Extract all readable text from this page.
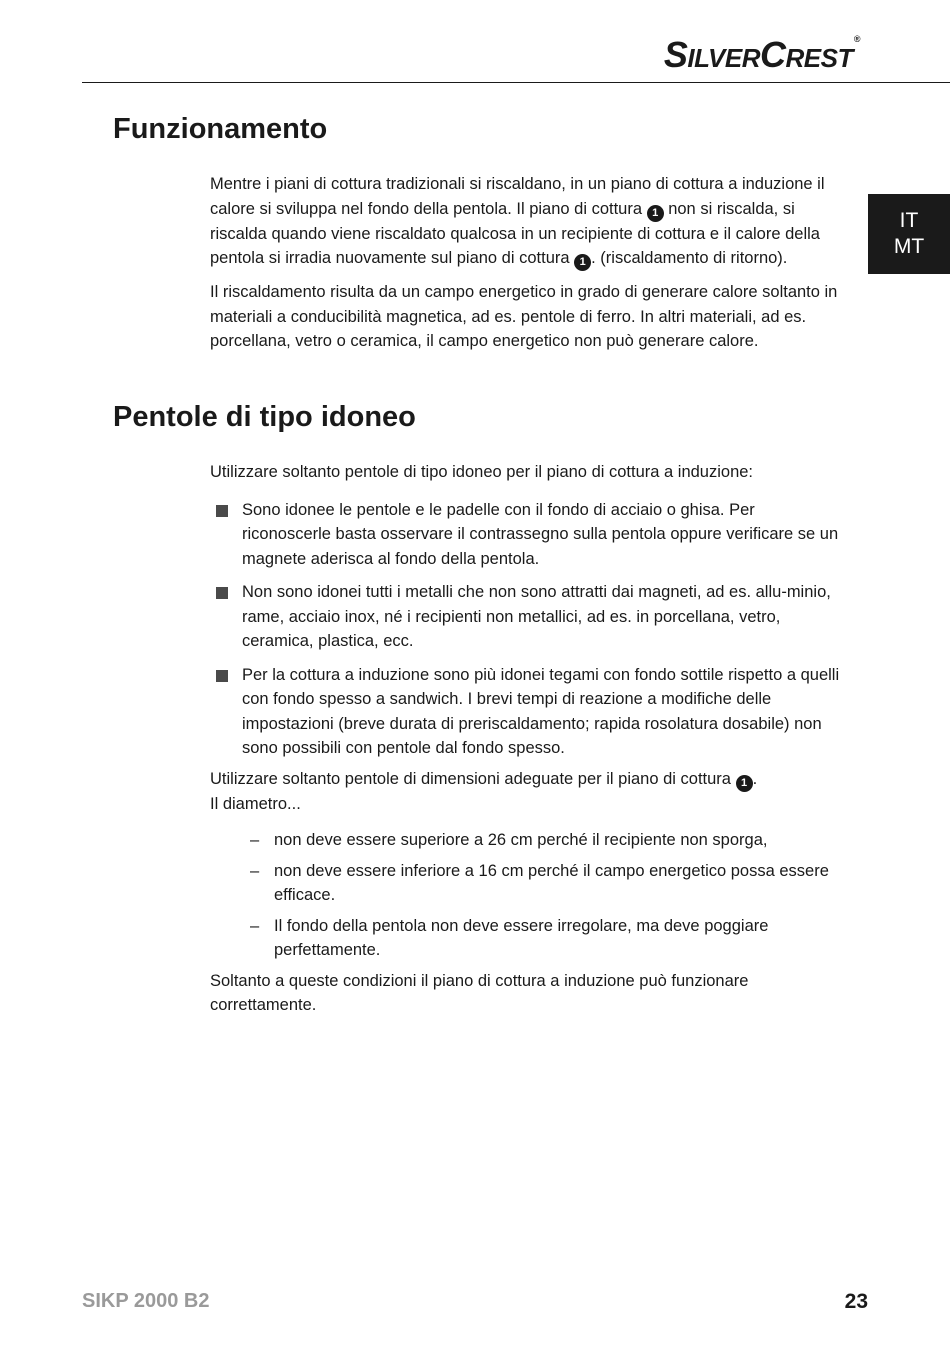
SILVERCREST®
IT
MT
Funzionamento

Mentre i piani di cottura tradizionali si riscaldano, in un piano di cottura a induzione il calore si sviluppa nel fondo della pentola. Il piano di cottura 1 non si riscalda, si riscalda quando viene riscaldato qualcosa in un recipiente di cottura e il calore della pentola si irradia nuovamente sul piano di cottura 1 . (riscaldamento di ritorno).

Il riscaldamento risulta da un campo energetico in grado di generare calore soltanto in materiali a conducibilità magnetica, ad es. pentole di ferro. In altri materiali, ad es. porcellana, vetro o ceramica, il campo energetico non può generare calore.

Pentole di tipo idoneo

Utilizzare soltanto pentole di tipo idoneo per il piano di cottura a induzione:

Sono idonee le pentole e le padelle con il fondo di acciaio o ghisa. Per riconoscerle basta osservare il contrassegno sulla pentola oppure verificare se un magnete aderisca al fondo della pentola.
Non sono idonei tutti i metalli che non sono attratti dai magneti, ad es. allu-minio, rame, acciaio inox, né i recipienti non metallici, ad es. in porcellana, vetro, ceramica, plastica, ecc.
Per la cottura a induzione sono più idonei tegami con fondo sottile rispetto a quelli con fondo spesso a sandwich. I brevi tempi di reazione a modifiche delle impostazioni (breve durata di preriscaldamento; rapida rosolatura dosabile) non sono possibili con pentole dal fondo spesso.

Utilizzare soltanto pentole di dimensioni adeguate per il piano di cottura 1 .
Il diametro...

– non deve essere superiore a 26 cm perché il recipiente non sporga,
– non deve essere inferiore a 16 cm perché il campo energetico possa essere efficace.
– Il fondo della pentola non deve essere irregolare, ma deve poggiare perfettamente.

Soltanto a queste condizioni il piano di cottura a induzione può funzionare correttamente.

SIKP 2000 B2	23
